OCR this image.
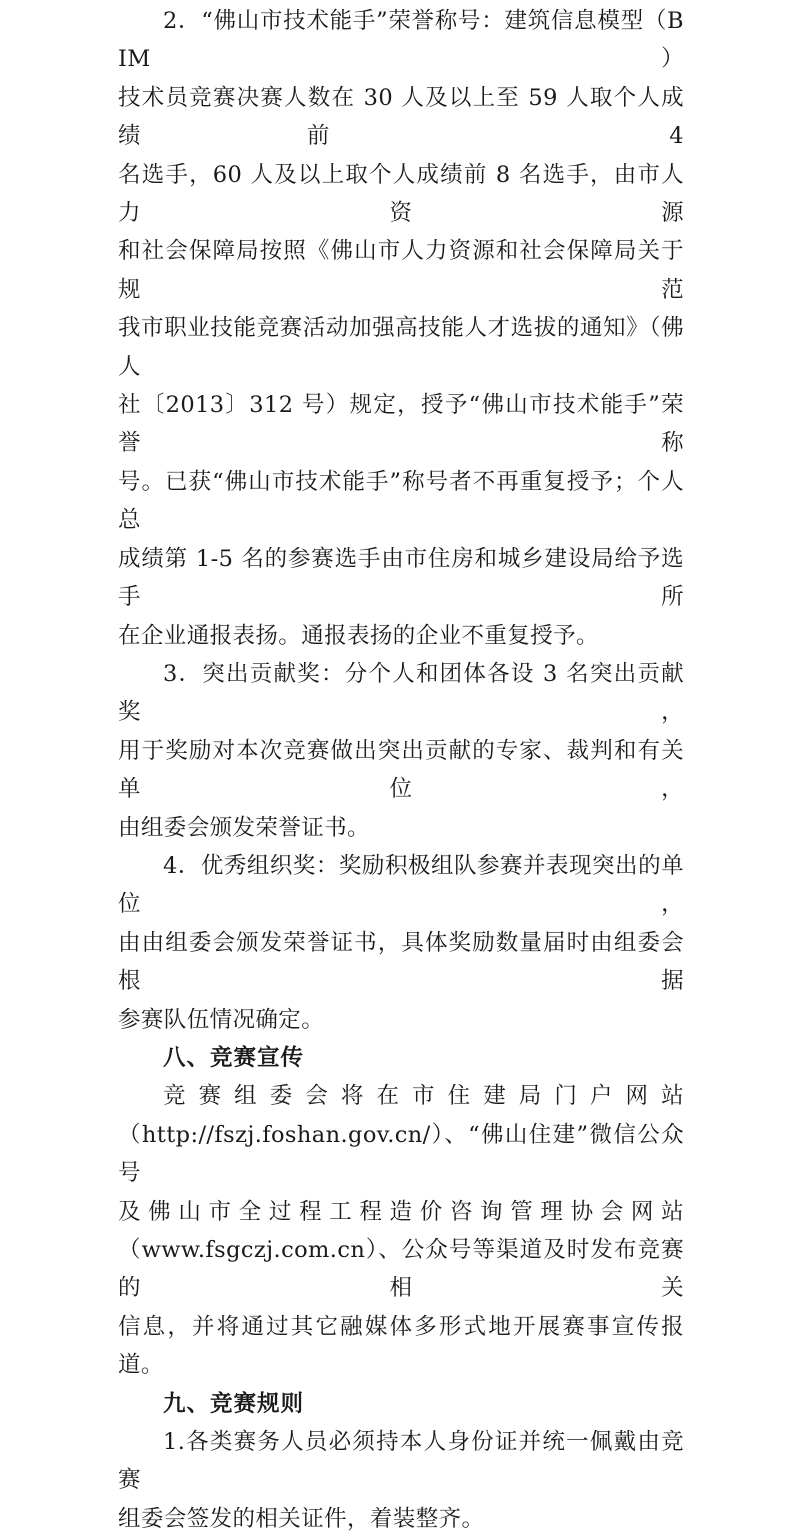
2．“佛山市技术能手”荣誉称号：建筑信息模型（BIM）
技术员竞赛决赛人数在 30 人及以上至 59 人取个人成绩前 4
名选手，60 人及以上取个人成绩前 8 名选手，由市人力资源
和社会保障局按照《佛山市人力资源和社会保障局关于规范
我市职业技能竞赛活动加强高技能人才选拔的通知》（佛人
社〔2013〕312 号）规定，授予“佛山市技术能手”荣誉称
号。已获“佛山市技术能手”称号者不再重复授予；个人总
成绩第 1-5 名的参赛选手由市住房和城乡建设局给予选手所
在企业通报表扬。通报表扬的企业不重复授予。

3．突出贡献奖：分个人和团体各设 3 名突出贡献奖，
用于奖励对本次竞赛做出突出贡献的专家、裁判和有关单位，
由组委会颁发荣誉证书。

4．优秀组织奖：奖励积极组队参赛并表现突出的单位，
由由组委会颁发荣誉证书，具体奖励数量届时由组委会根据
参赛队伍情况确定。

八、竞赛宣传

竞赛组委会将在市住建局门户网站
（http://fszj.foshan.gov.cn/）、“佛山住建”微信公众号
及佛山市全过程工程造价咨询管理协会网站
（www.fsgczj.com.cn）、公众号等渠道及时发布竞赛的相关
信息，并将通过其它融媒体多形式地开展赛事宣传报道。

九、竞赛规则

1.各类赛务人员必须持本人身份证并统一佩戴由竞赛
组委会签发的相关证件，着装整齐。
